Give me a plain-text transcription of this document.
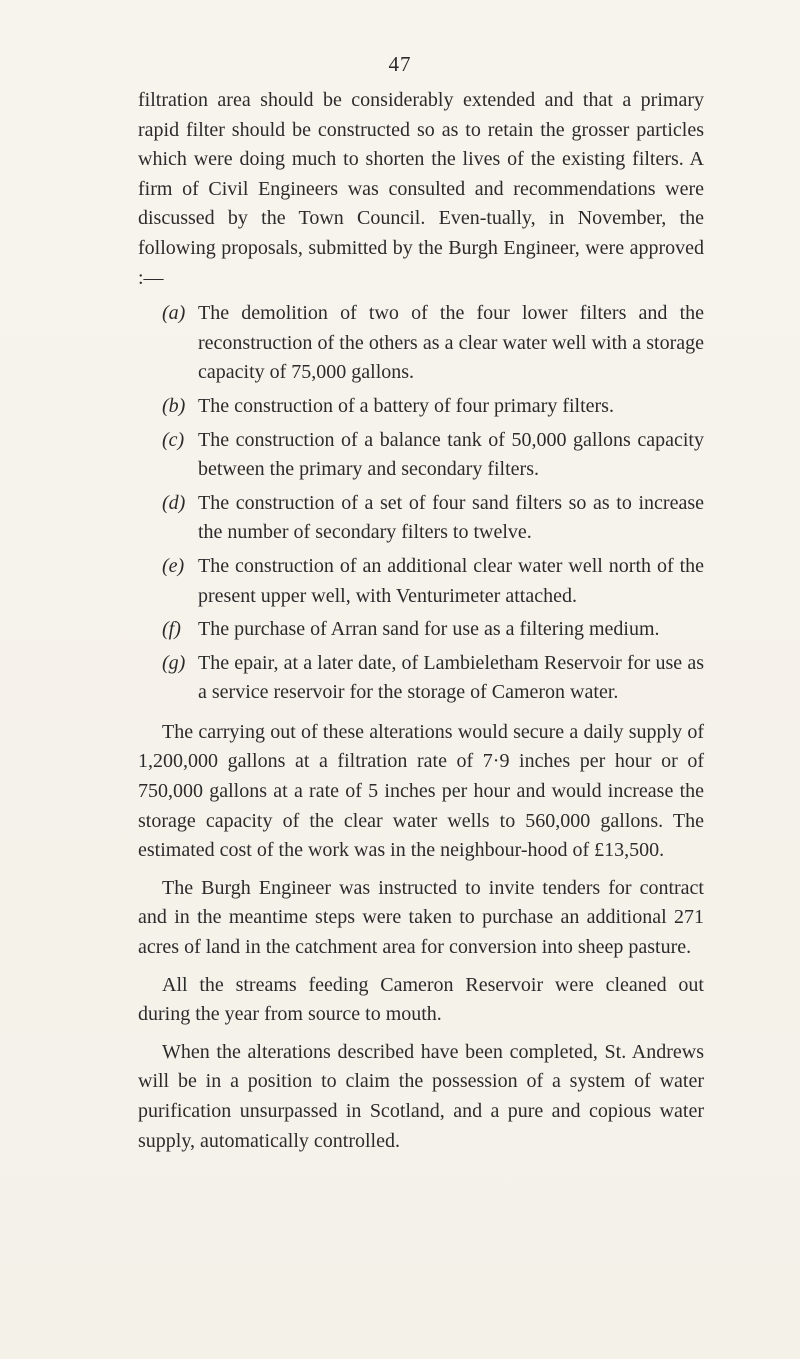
47

filtration area should be considerably extended and that a primary rapid filter should be constructed so as to retain the grosser particles which were doing much to shorten the lives of the existing filters. A firm of Civil Engineers was consulted and recommendations were discussed by the Town Council. Even-tually, in November, the following proposals, submitted by the Burgh Engineer, were approved :—

(a) The demolition of two of the four lower filters and the reconstruction of the others as a clear water well with a storage capacity of 75,000 gallons.
(b) The construction of a battery of four primary filters.
(c) The construction of a balance tank of 50,000 gallons capacity between the primary and secondary filters.
(d) The construction of a set of four sand filters so as to increase the number of secondary filters to twelve.
(e) The construction of an additional clear water well north of the present upper well, with Venturimeter attached.
(f) The purchase of Arran sand for use as a filtering medium.
(g) The epair, at a later date, of Lambieletham Reservoir for use as a service reservoir for the storage of Cameron water.

The carrying out of these alterations would secure a daily supply of 1,200,000 gallons at a filtration rate of 7·9 inches per hour or of 750,000 gallons at a rate of 5 inches per hour and would increase the storage capacity of the clear water wells to 560,000 gallons. The estimated cost of the work was in the neighbour-hood of £13,500.

The Burgh Engineer was instructed to invite tenders for contract and in the meantime steps were taken to purchase an additional 271 acres of land in the catchment area for conversion into sheep pasture.

All the streams feeding Cameron Reservoir were cleaned out during the year from source to mouth.

When the alterations described have been completed, St. Andrews will be in a position to claim the possession of a system of water purification unsurpassed in Scotland, and a pure and copious water supply, automatically controlled.
